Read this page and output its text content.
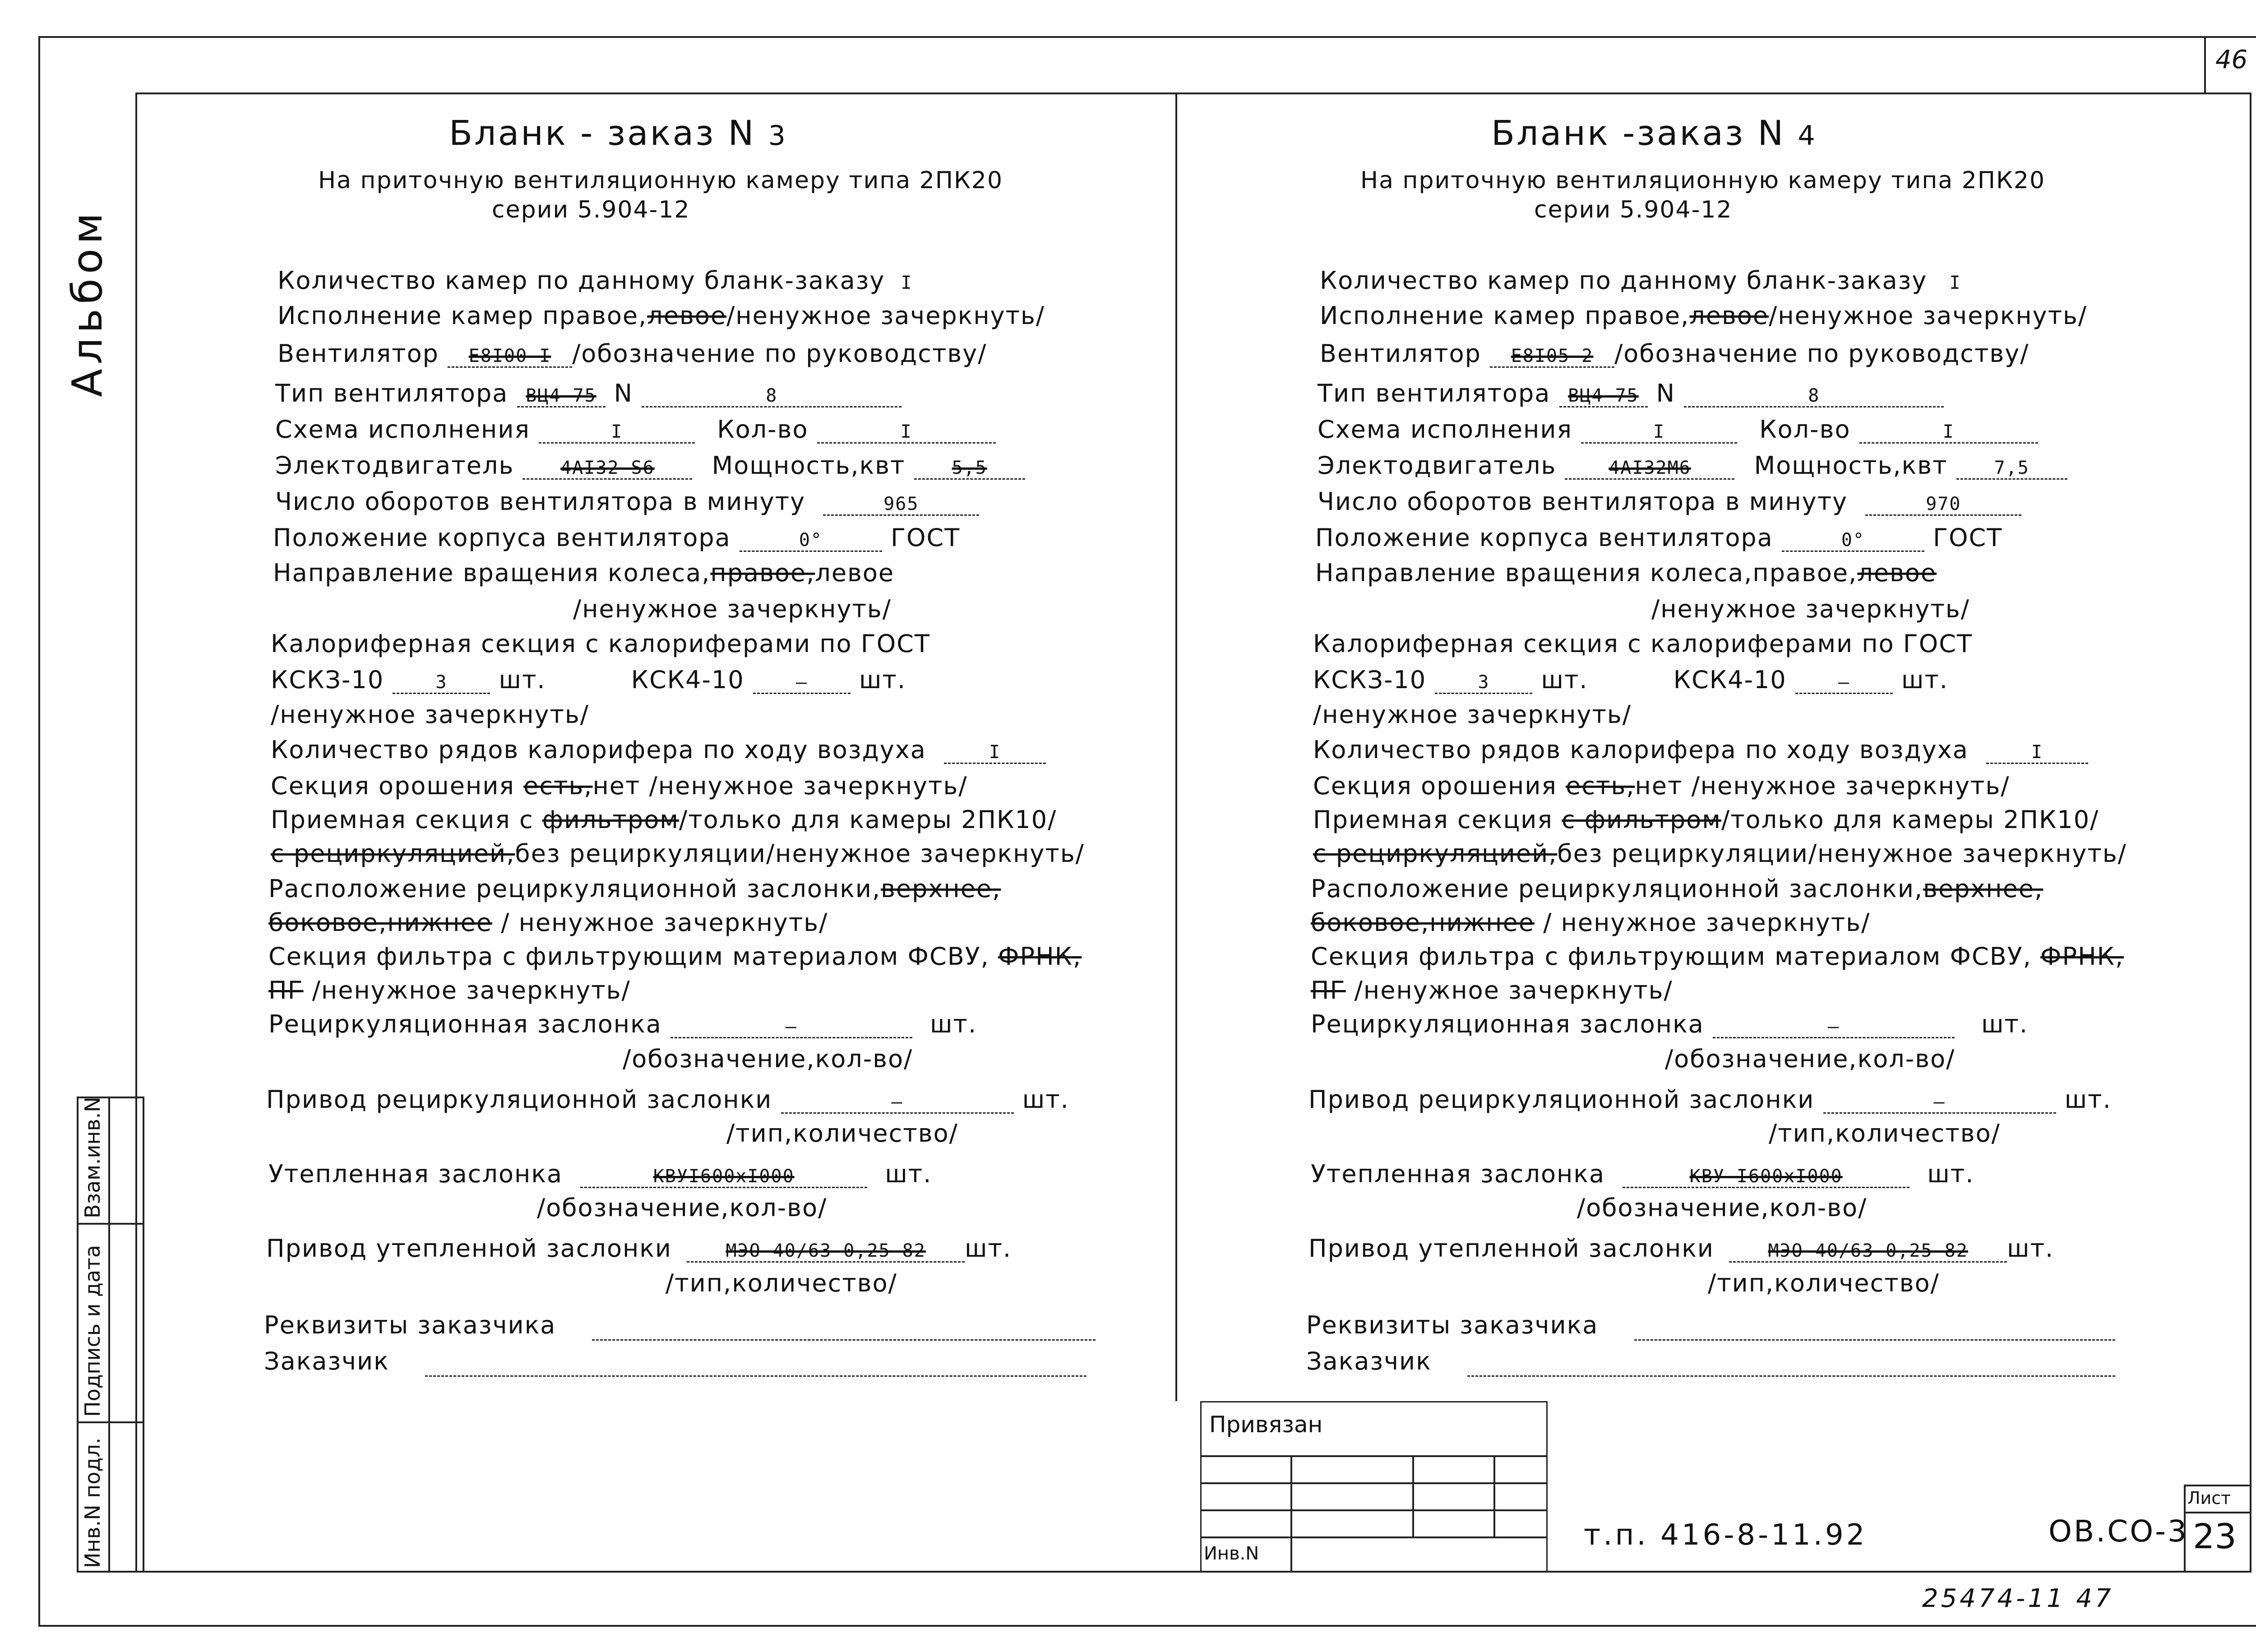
46
Альбом
Инв.N подл.
Подпись и дата
Взам.инв.N
Бланк - заказ N 3
На приточную вентиляционную камеру типа 2ПК20
серии 5.904-12
Количество камер по данному бланк-заказу I
Исполнение камер правое,левое/ненужное зачеркнуть/
Вентилятор Е8I00-I /обозначение по руководству/
Тип вентилятора ВЦ4-75 N	8
Схема исполнения	I	Кол-во	I
Электодвигатель	4АI32 S6 Мощность,квт	5,5
Число оборотов вентилятора в минуту	965
Положение корпуса вентилятора	0°	ГОСТ
Направление вращения колеса,правое,левое
/ненужное зачеркнуть/
Калориферная секция с калориферами по ГОСТ
КСКЗ-10	3 шт.	КСК4-10	– шт.
/ненужное зачеркнуть/
Количество рядов калорифера по ходу воздуха	I
Секция орошения есть,нет /ненужное зачеркнуть/
Приемная секция с фильтром/только для камеры 2ПК10/
с рециркуляцией,без рециркуляции/ненужное зачеркнуть/
Расположение рециркуляционной заслонки,верхнее,
боковое,нижнее / ненужное зачеркнуть/
Секция фильтра с фильтрующим материалом ФСВУ, ФРНК,
ПГ /ненужное зачеркнуть/
Рециркуляционная заслонка	–	шт.
/обозначение,кол-во/
Привод рециркуляционной заслонки	–	шт.
/тип,количество/
Утепленная заслонка	КВУI600хI000	шт.
/обозначение,кол-во/
Привод утепленной заслонки	МЭО 40/63-0,25-82 шт.
/тип,количество/
Реквизиты заказчика
Заказчик
Бланк -заказ N 4
На приточную вентиляционную камеру типа 2ПК20
серии 5.904-12
Количество камер по данному бланк-заказу I
Исполнение камер правое,левое/ненужное зачеркнуть/
Вентилятор Е8I05-2 /обозначение по руководству/
Тип вентилятора ВЦ4-75 N	8
Схема исполнения	I	Кол-во	I
Электодвигатель	4АI32М6	Мощность,квт	7,5
Число оборотов вентилятора в минуту	970
Положение корпуса вентилятора	0°	ГОСТ
Направление вращения колеса,правое,левое
/ненужное зачеркнуть/
Калориферная секция с калориферами по ГОСТ
КСКЗ-10	3 шт.	КСК4-10	– шт.
/ненужное зачеркнуть/
Количество рядов калорифера по ходу воздуха	I
Секция орошения есть,нет /ненужное зачеркнуть/
Приемная секция с фильтром/только для камеры 2ПК10/
с рециркуляцией,без рециркуляции/ненужное зачеркнуть/
Расположение рециркуляционной заслонки,верхнее,
боковое,нижнее / ненужное зачеркнуть/
Секция фильтра с фильтрующим материалом ФСВУ, ФРНК,
ПГ /ненужное зачеркнуть/
Рециркуляционная заслонка	–	шт.
/обозначение,кол-во/
Привод рециркуляционной заслонки	–	шт.
/тип,количество/
Утепленная заслонка	КВУ I600хI000	шт.
/обозначение,кол-во/
Привод утепленной заслонки	МЭО 40/63-0,25-82 шт.
/тип,количество/
Реквизиты заказчика
Заказчик
Привязан
Инв.N
Лист
23
т.п. 416-8-11.92	ОВ.СО-3
25474-11 47
